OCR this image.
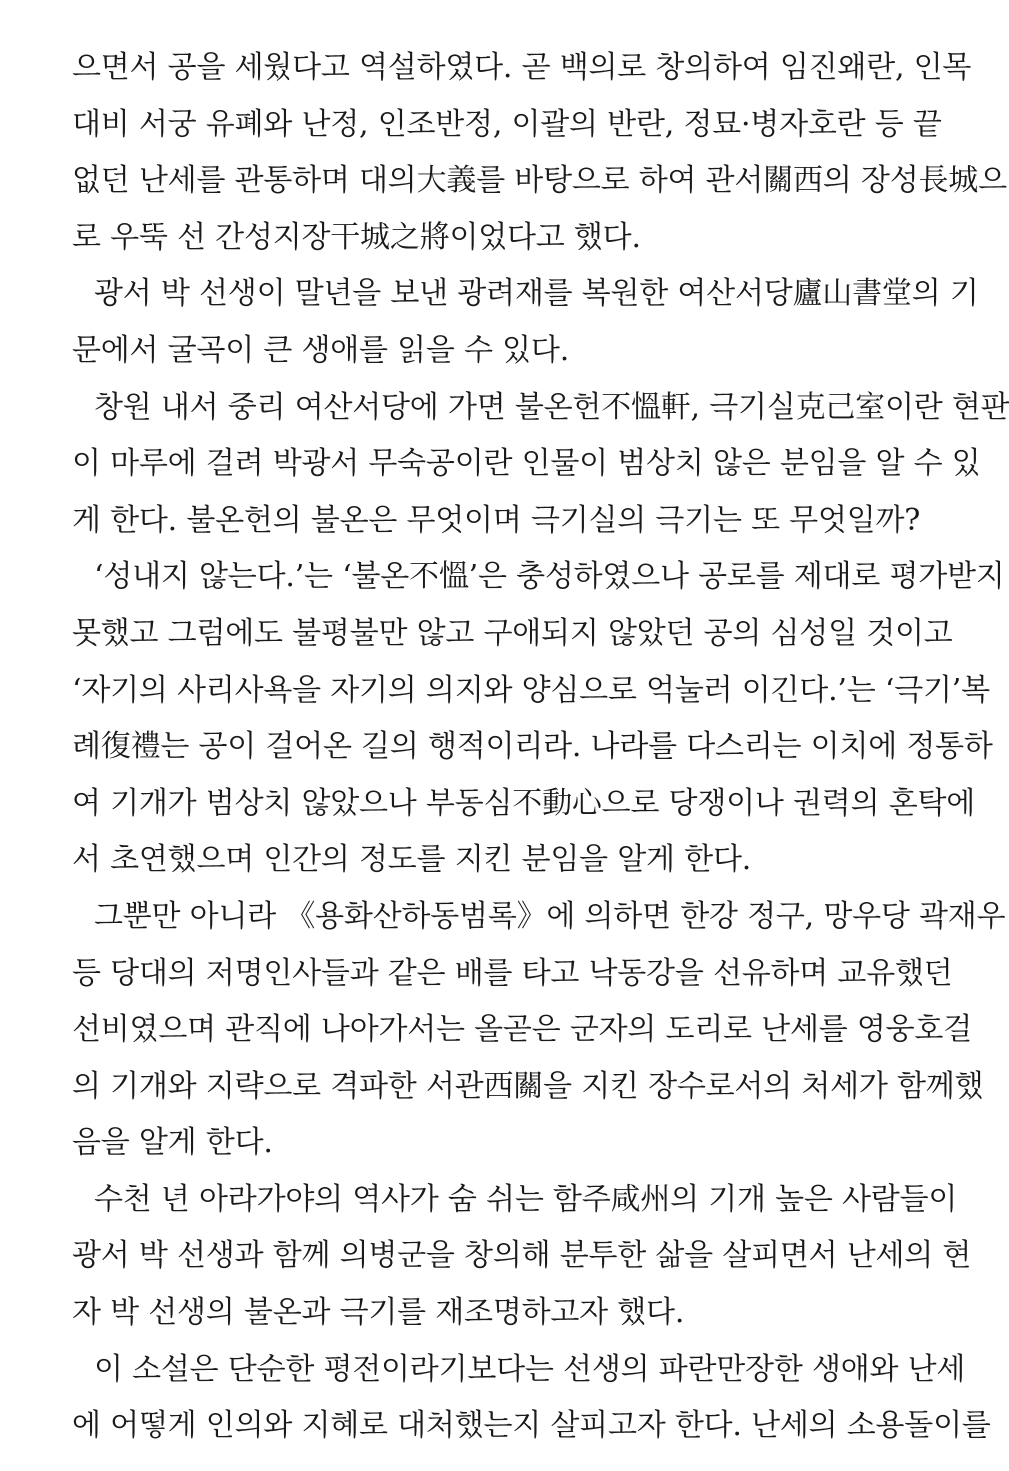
으면서 공을 세웠다고 역설하였다. 곧 백의로 창의하여 임진왜란, 인목
대비 서궁 유폐와 난정, 인조반정, 이괄의 반란, 정묘·병자호란 등 끝
없던 난세를 관통하며 대의大義를 바탕으로 하여 관서關西의 장성長城으
로 우뚝 선 간성지장干城之將이었다고 했다.
광서 박 선생이 말년을 보낸 광려재를 복원한 여산서당廬山書堂의 기
문에서 굴곡이 큰 생애를 읽을 수 있다.
창원 내서 중리 여산서당에 가면 불온헌不慍軒, 극기실克己室이란 현판
이 마루에 걸려 박광서 무숙공이란 인물이 범상치 않은 분임을 알 수 있
게 한다. 불온헌의 불온은 무엇이며 극기실의 극기는 또 무엇일까?
‘성내지 않는다.’는 ‘불온不慍’은 충성하였으나 공로를 제대로 평가받지
못했고 그럼에도 불평불만 않고 구애되지 않았던 공의 심성일 것이고
‘자기의 사리사욕을 자기의 의지와 양심으로 억눌러 이긴다.’는 ‘극기’복
례復禮는 공이 걸어온 길의 행적이리라. 나라를 다스리는 이치에 정통하
여 기개가 범상치 않았으나 부동심不動心으로 당쟁이나 권력의 혼탁에
서 초연했으며 인간의 정도를 지킨 분임을 알게 한다.
그뿐만 아니라 《용화산하동범록》에 의하면 한강 정구, 망우당 곽재우
등 당대의 저명인사들과 같은 배를 타고 낙동강을 선유하며 교유했던
선비였으며 관직에 나아가서는 올곧은 군자의 도리로 난세를 영웅호걸
의 기개와 지략으로 격파한 서관西關을 지킨 장수로서의 처세가 함께했
음을 알게 한다.
수천 년 아라가야의 역사가 숨 쉬는 함주咸州의 기개 높은 사람들이
광서 박 선생과 함께 의병군을 창의해 분투한 삶을 살피면서 난세의 현
자 박 선생의 불온과 극기를 재조명하고자 했다.
이 소설은 단순한 평전이라기보다는 선생의 파란만장한 생애와 난세
에 어떻게 인의와 지혜로 대처했는지 살피고자 한다. 난세의 소용돌이를
